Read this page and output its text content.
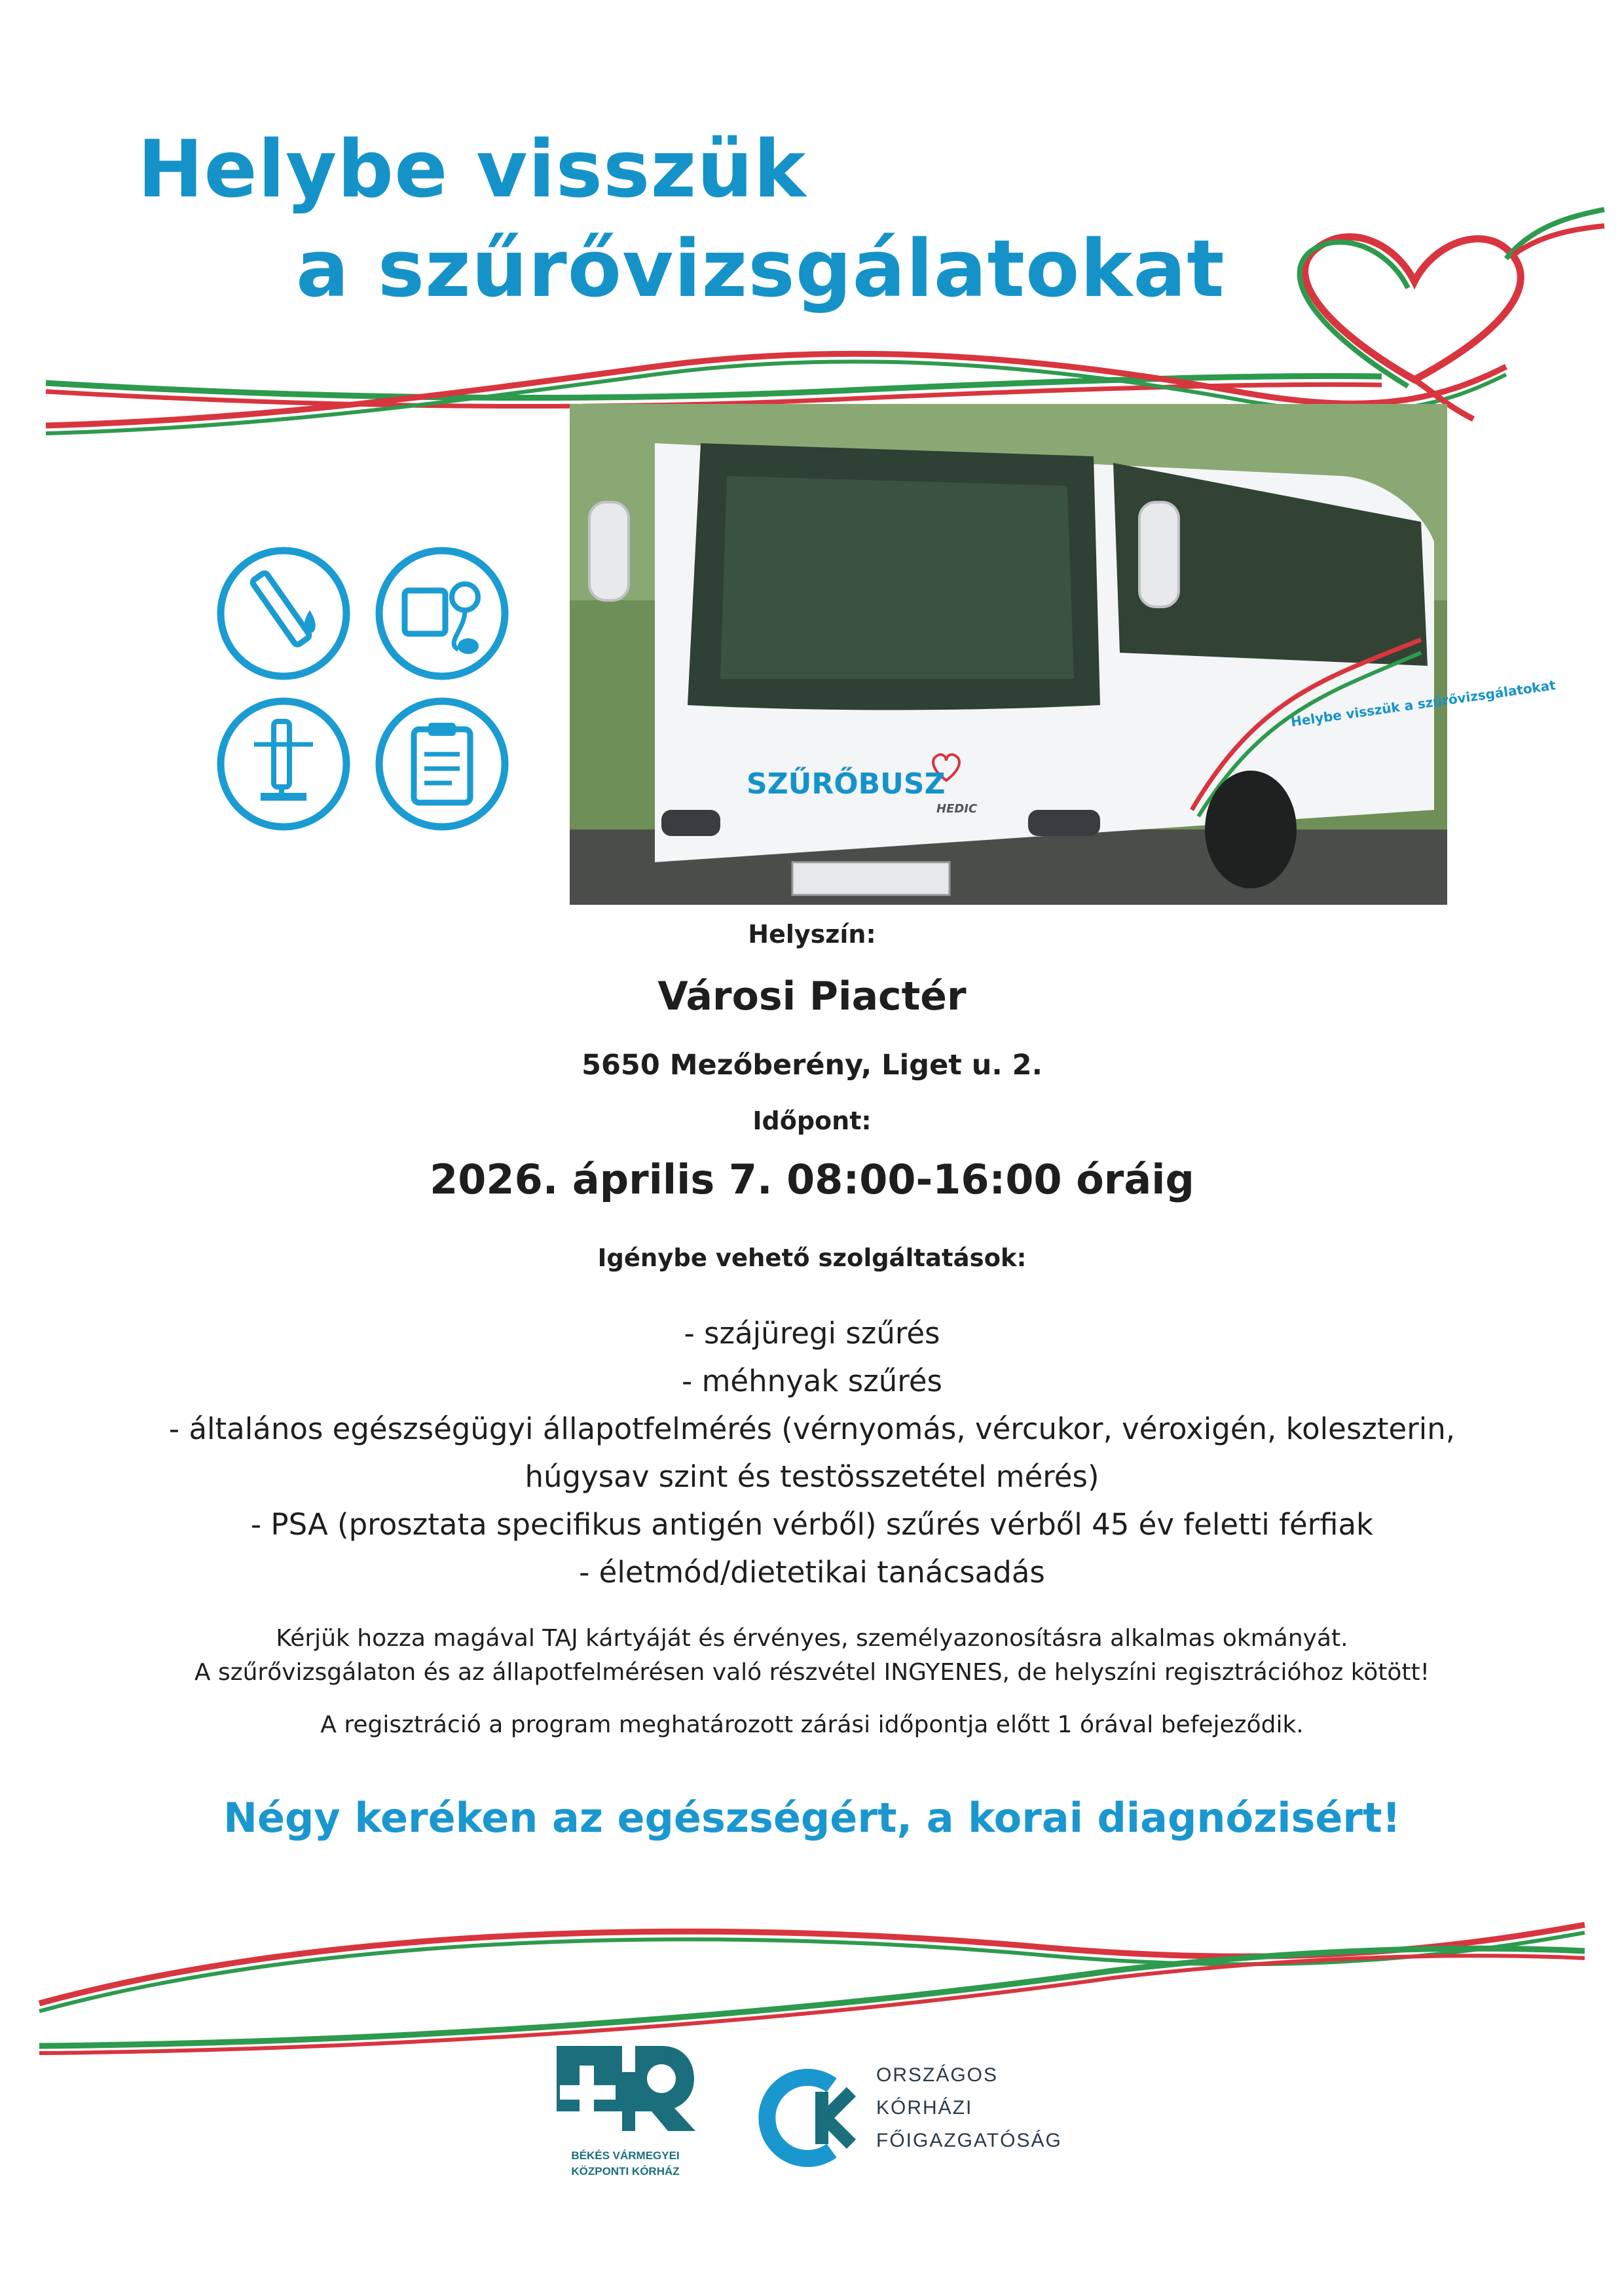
Helybe visszük
a szűrővizsgálatokat
Helybe visszük a szűrővizsgálatokat
SZŰRŐBUSZ
HEDIC
Helyszín:
Városi Piactér
5650 Mezőberény, Liget u. 2.
Időpont:
2026. április 7. 08:00-16:00 óráig
Igénybe vehető szolgáltatások:
- szájüregi szűrés
- méhnyak szűrés
- általános egészségügyi állapotfelmérés (vérnyomás, vércukor, véroxigén, koleszterin,
húgysav szint és testösszetétel mérés)
- PSA (prosztata specifikus antigén vérből) szűrés vérből 45 év feletti férfiak
- életmód/dietetikai tanácsadás
Kérjük hozza magával TAJ kártyáját és érvényes, személyazonosításra alkalmas okmányát.
A szűrővizsgálaton és az állapotfelmérésen való részvétel INGYENES, de helyszíni regisztrációhoz kötött!
A regisztráció a program meghatározott zárási időpontja előtt 1 órával befejeződik.
Négy keréken az egészségért, a korai diagnózisért!
BÉKÉS VÁRMEGYEI
KÖZPONTI KÓRHÁZ
ORSZÁGOS
KÓRHÁZI
FŐIGAZGATÓSÁG
